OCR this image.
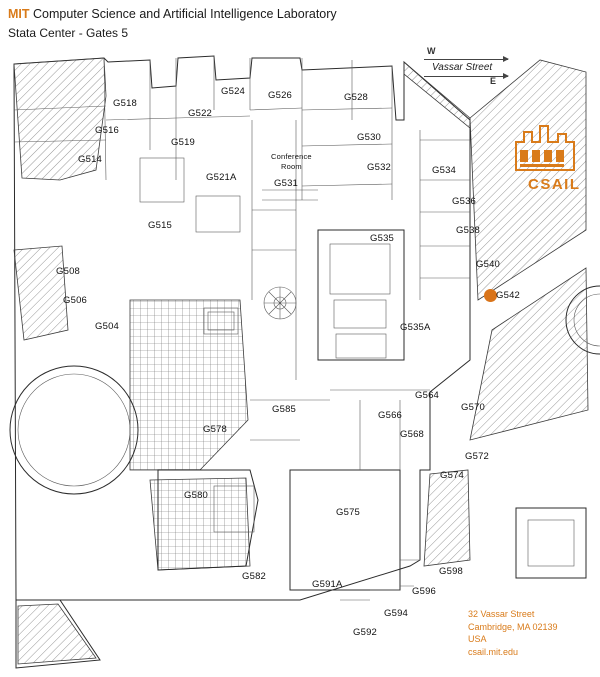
MIT Computer Science and Artificial Intelligence Laboratory
Stata Center - Gates 5
W
Vassar Street
E
CSAIL
32 Vassar Street
Cambridge, MA 02139
USA
csail.mit.edu
G518
G522
G524 G526	G528
G516
G519	G530
G514
G532
G521A
G534
G531
G536
G515	G538
G535
G540
G508
G542
G506
G504	G535A
G564
G585
G566
G570
G568
G578
G572
G574
G580
G575
G598
G582
G591A
G596
G594
G592
Conference
Room
